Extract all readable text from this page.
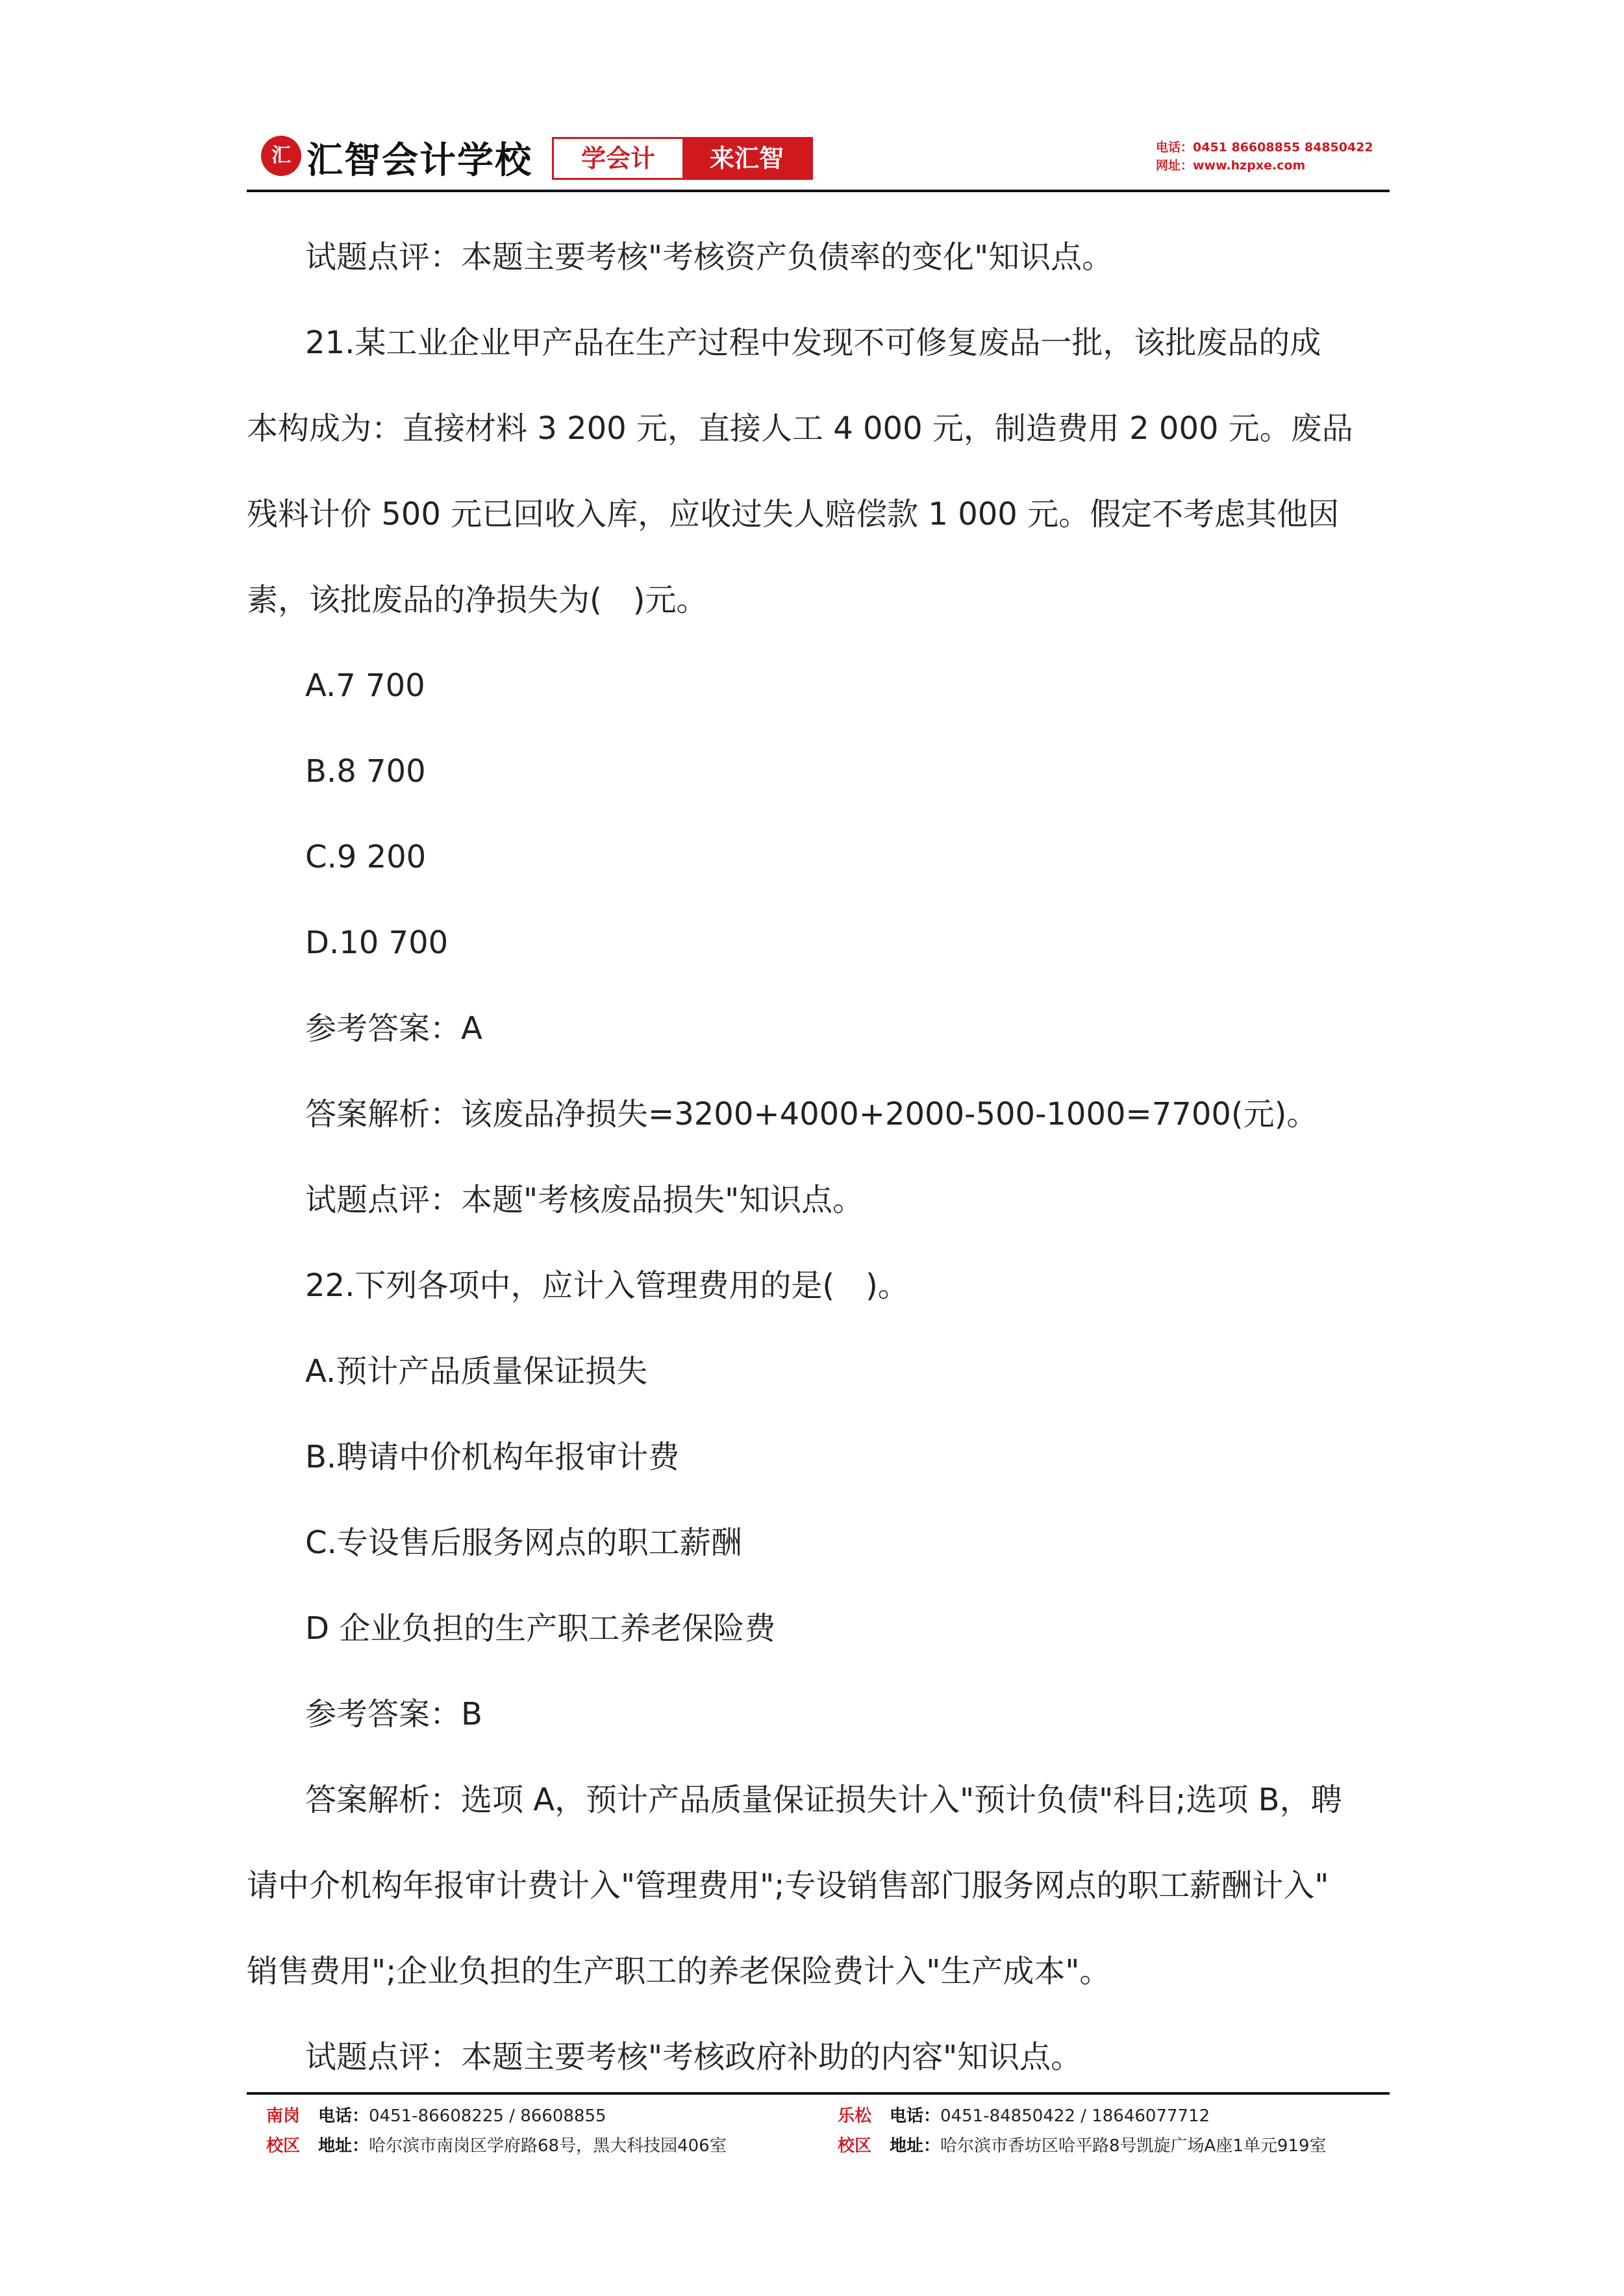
汇 汇智会计学校	学会计	来汇智	电话：0451 86608855 84850422
网址：www.hzpxe.com
试题点评：本题主要考核"考核资产负债率的变化"知识点。
21.某工业企业甲产品在生产过程中发现不可修复废品一批，该批废品的成
本构成为：直接材料 3 200 元，直接人工 4 000 元，制造费用 2 000 元。废品
残料计价 500 元已回收入库，应收过失人赔偿款 1 000 元。假定不考虑其他因
素，该批废品的净损失为(　)元。
A.7 700
B.8 700
C.9 200
D.10 700
参考答案：A
答案解析：该废品净损失=3200+4000+2000-500-1000=7700(元)。
试题点评：本题"考核废品损失"知识点。
22.下列各项中，应计入管理费用的是(　)。
A.预计产品质量保证损失
B.聘请中价机构年报审计费
C.专设售后服务网点的职工薪酬
D 企业负担的生产职工养老保险费
参考答案：B
答案解析：选项 A，预计产品质量保证损失计入"预计负债"科目;选项 B，聘
请中介机构年报审计费计入"管理费用";专设销售部门服务网点的职工薪酬计入"
销售费用";企业负担的生产职工的养老保险费计入"生产成本"。
试题点评：本题主要考核"考核政府补助的内容"知识点。
南岗 电话：0451-86608225 / 86608855
校区 地址：哈尔滨市南岗区学府路68号，黑大科技园406室
乐松 电话：0451-84850422 / 18646077712
校区 地址：哈尔滨市香坊区哈平路8号凯旋广场A座1单元919室
